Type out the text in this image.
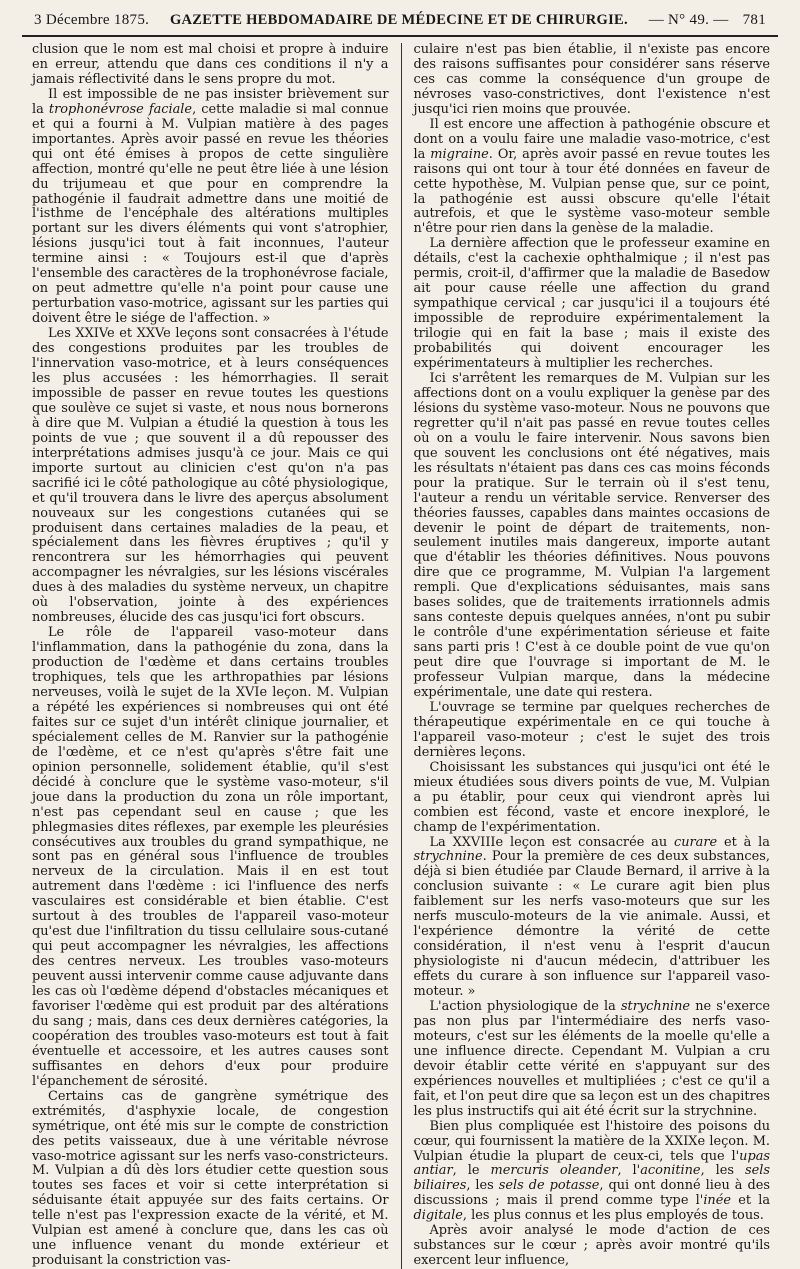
3 Décembre 1875. GAZETTE HEBDOMADAIRE DE MÉDECINE ET DE CHIRURGIE. — N° 49. — 781

clusion que le nom est mal choisi et propre à induire en erreur, attendu que dans ces conditions il n'y a jamais réflectivité dans le sens propre du mot.

Il est impossible de ne pas insister brièvement sur la trophonévrose faciale, cette maladie si mal connue et qui a fourni à M. Vulpian matière à des pages importantes. Après avoir passé en revue les théories qui ont été émises à propos de cette singulière affection, montré qu'elle ne peut être liée à une lésion du trijumeau et que pour en comprendre la pathogénie il faudrait admettre dans une moitié de l'isthme de l'encéphale des altérations multiples portant sur les divers éléments qui vont s'atrophier, lésions jusqu'ici tout à fait inconnues, l'auteur termine ainsi : « Toujours est-il que d'après l'ensemble des caractères de la trophonévrose faciale, on peut admettre qu'elle n'a point pour cause une perturbation vaso-motrice, agissant sur les parties qui doivent être le siége de l'affection. »

Les XXIVe et XXVe leçons sont consacrées à l'étude des congestions produites par les troubles de l'innervation vaso-motrice, et à leurs conséquences les plus accusées : les hémorrhagies. Il serait impossible de passer en revue toutes les questions que soulève ce sujet si vaste, et nous nous bornerons à dire que M. Vulpian a étudié la question à tous les points de vue ; que souvent il a dû repousser des interprétations admises jusqu'à ce jour. Mais ce qui importe surtout au clinicien c'est qu'on n'a pas sacrifié ici le côté pathologique au côté physiologique, et qu'il trouvera dans le livre des aperçus absolument nouveaux sur les congestions cutanées qui se produisent dans certaines maladies de la peau, et spécialement dans les fièvres éruptives ; qu'il y rencontrera sur les hémorrhagies qui peuvent accompagner les névralgies, sur les lésions viscérales dues à des maladies du système nerveux, un chapitre où l'observation, jointe à des expériences nombreuses, élucide des cas jusqu'ici fort obscurs.

Le rôle de l'appareil vaso-moteur dans l'inflammation, dans la pathogénie du zona, dans la production de l'œdème et dans certains troubles trophiques, tels que les arthropathies par lésions nerveuses, voilà le sujet de la XVIe leçon. M. Vulpian a répété les expériences si nombreuses qui ont été faites sur ce sujet d'un intérêt clinique journalier, et spécialement celles de M. Ranvier sur la pathogénie de l'œdème, et ce n'est qu'après s'être fait une opinion personnelle, solidement établie, qu'il s'est décidé à conclure que le système vaso-moteur, s'il joue dans la production du zona un rôle important, n'est pas cependant seul en cause ; que les phlegmasies dites réflexes, par exemple les pleurésies consécutives aux troubles du grand sympathique, ne sont pas en général sous l'influence de troubles nerveux de la circulation. Mais il en est tout autrement dans l'œdème : ici l'influence des nerfs vasculaires est considérable et bien établie. C'est surtout à des troubles de l'appareil vaso-moteur qu'est due l'infiltration du tissu cellulaire sous-cutané qui peut accompagner les névralgies, les affections des centres nerveux. Les troubles vaso-moteurs peuvent aussi intervenir comme cause adjuvante dans les cas où l'œdème dépend d'obstacles mécaniques et favoriser l'œdème qui est produit par des altérations du sang ; mais, dans ces deux dernières catégories, la coopération des troubles vaso-moteurs est tout à fait éventuelle et accessoire, et les autres causes sont suffisantes en dehors d'eux pour produire l'épanchement de sérosité.

Certains cas de gangrène symétrique des extrémités, d'asphyxie locale, de congestion symétrique, ont été mis sur le compte de constriction des petits vaisseaux, due à une véritable névrose vaso-motrice agissant sur les nerfs vaso-constricteurs. M. Vulpian a dû dès lors étudier cette question sous toutes ses faces et voir si cette interprétation si séduisante était appuyée sur des faits certains. Or telle n'est pas l'expression exacte de la vérité, et M. Vulpian est amené à conclure que, dans les cas où une influence venant du monde extérieur et produisant la constriction vas-

culaire n'est pas bien établie, il n'existe pas encore des raisons suffisantes pour considérer sans réserve ces cas comme la conséquence d'un groupe de névroses vaso-constrictives, dont l'existence n'est jusqu'ici rien moins que prouvée.

Il est encore une affection à pathogénie obscure et dont on a voulu faire une maladie vaso-motrice, c'est la migraine. Or, après avoir passé en revue toutes les raisons qui ont tour à tour été données en faveur de cette hypothèse, M. Vulpian pense que, sur ce point, la pathogénie est aussi obscure qu'elle l'était autrefois, et que le système vaso-moteur semble n'être pour rien dans la genèse de la maladie.

La dernière affection que le professeur examine en détails, c'est la cachexie ophthalmique ; il n'est pas permis, croit-il, d'affirmer que la maladie de Basedow ait pour cause réelle une affection du grand sympathique cervical ; car jusqu'ici il a toujours été impossible de reproduire expérimentalement la trilogie qui en fait la base ; mais il existe des probabilités qui doivent encourager les expérimentateurs à multiplier les recherches.

Ici s'arrêtent les remarques de M. Vulpian sur les affections dont on a voulu expliquer la genèse par des lésions du système vaso-moteur. Nous ne pouvons que regretter qu'il n'ait pas passé en revue toutes celles où on a voulu le faire intervenir. Nous savons bien que souvent les conclusions ont été négatives, mais les résultats n'étaient pas dans ces cas moins féconds pour la pratique. Sur le terrain où il s'est tenu, l'auteur a rendu un véritable service. Renverser des théories fausses, capables dans maintes occasions de devenir le point de départ de traitements, non-seulement inutiles mais dangereux, importe autant que d'établir les théories définitives. Nous pouvons dire que ce programme, M. Vulpian l'a largement rempli. Que d'explications séduisantes, mais sans bases solides, que de traitements irrationnels admis sans conteste depuis quelques années, n'ont pu subir le contrôle d'une expérimentation sérieuse et faite sans parti pris ! C'est à ce double point de vue qu'on peut dire que l'ouvrage si important de M. le professeur Vulpian marque, dans la médecine expérimentale, une date qui restera.

L'ouvrage se termine par quelques recherches de thérapeutique expérimentale en ce qui touche à l'appareil vaso-moteur ; c'est le sujet des trois dernières leçons.

Choisissant les substances qui jusqu'ici ont été le mieux étudiées sous divers points de vue, M. Vulpian a pu établir, pour ceux qui viendront après lui combien est fécond, vaste et encore inexploré, le champ de l'expérimentation.

La XXVIIIe leçon est consacrée au curare et à la strychnine. Pour la première de ces deux substances, déjà si bien étudiée par Claude Bernard, il arrive à la conclusion suivante : « Le curare agit bien plus faiblement sur les nerfs vaso-moteurs que sur les nerfs musculo-moteurs de la vie animale. Aussi, et l'expérience démontre la vérité de cette considération, il n'est venu à l'esprit d'aucun physiologiste ni d'aucun médecin, d'attribuer les effets du curare à son influence sur l'appareil vaso-moteur. »

L'action physiologique de la strychnine ne s'exerce pas non plus par l'intermédiaire des nerfs vaso-moteurs, c'est sur les éléments de la moelle qu'elle a une influence directe. Cependant M. Vulpian a cru devoir établir cette vérité en s'appuyant sur des expériences nouvelles et multipliées ; c'est ce qu'il a fait, et l'on peut dire que sa leçon est un des chapitres les plus instructifs qui ait été écrit sur la strychnine.

Bien plus compliquée est l'histoire des poisons du cœur, qui fournissent la matière de la XXIXe leçon. M. Vulpian étudie la plupart de ceux-ci, tels que l'upas antiar, le mercuris oleander, l'aconitine, les sels biliaires, les sels de potasse, qui ont donné lieu à des discussions ; mais il prend comme type l'inée et la digitale, les plus connus et les plus employés de tous.

Après avoir analysé le mode d'action de ces substances sur le cœur ; après avoir montré qu'ils exercent leur influence,
